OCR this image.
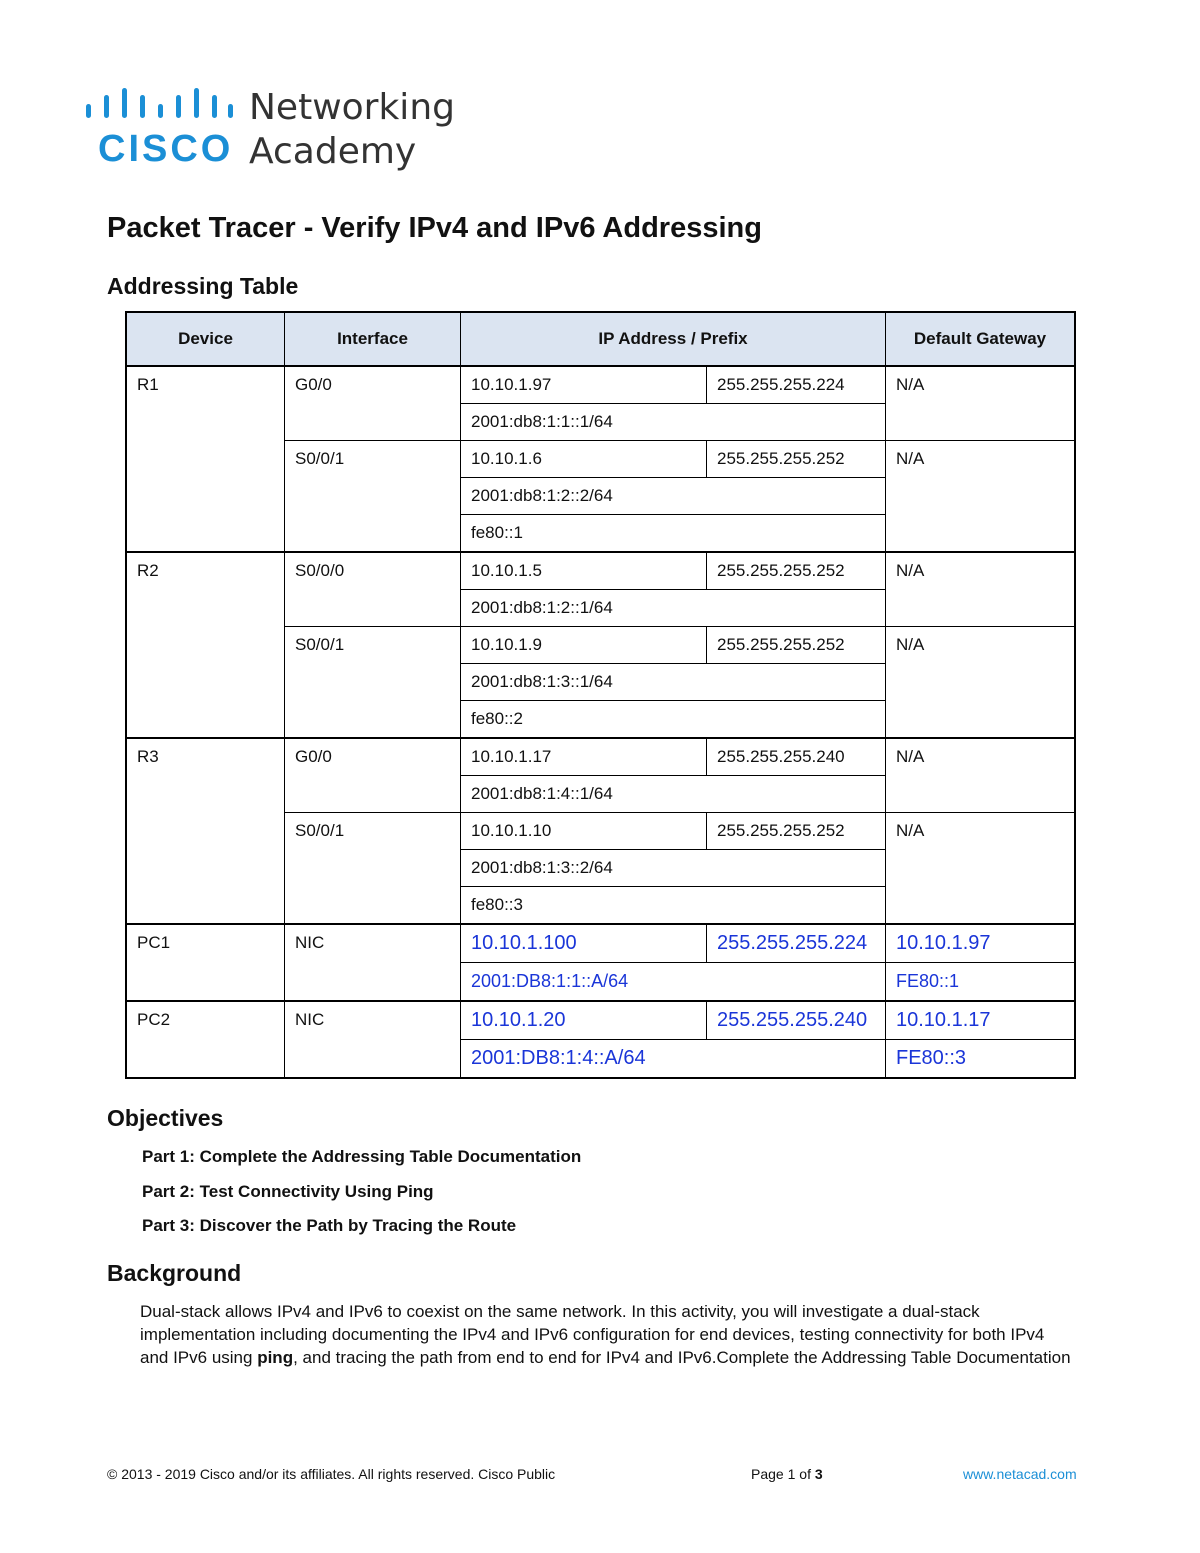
CISCO
Networking
Academy
Packet Tracer - Verify IPv4 and IPv6 Addressing
Addressing Table
Device	Interface	IP Address / Prefix		Default Gateway
R1	G0/0	10.10.1.97	255.255.255.224	N/A
		2001:db8:1:1::1/64		
	S0/0/1	10.10.1.6	255.255.255.252	N/A
		2001:db8:1:2::2/64		
		fe80::1		
R2	S0/0/0	10.10.1.5	255.255.255.252	N/A
		2001:db8:1:2::1/64		
	S0/0/1	10.10.1.9	255.255.255.252	N/A
		2001:db8:1:3::1/64		
		fe80::2		
R3	G0/0	10.10.1.17	255.255.255.240	N/A
		2001:db8:1:4::1/64		
	S0/0/1	10.10.1.10	255.255.255.252	N/A
		2001:db8:1:3::2/64		
		fe80::3		
PC1	NIC	10.10.1.100	255.255.255.224	10.10.1.97
		2001:DB8:1:1::A/64		FE80::1
PC2	NIC	10.10.1.20	255.255.255.240	10.10.1.17
		2001:DB8:1:4::A/64		FE80::3
Objectives
Part 1: Complete the Addressing Table Documentation
Part 2: Test Connectivity Using Ping
Part 3: Discover the Path by Tracing the Route
Background

Dual-stack allows IPv4 and IPv6 to coexist on the same network. In this activity, you will investigate a dual-stack implementation including documenting the IPv4 and IPv6 configuration for end devices, testing connectivity for both IPv4 and IPv6 using ping, and tracing the path from end to end for IPv4 and IPv6.Complete the Addressing Table Documentation

© 2013 - 2019 Cisco and/or its affiliates. All rights reserved. Cisco Public	Page 1 of 3	www.netacad.com
